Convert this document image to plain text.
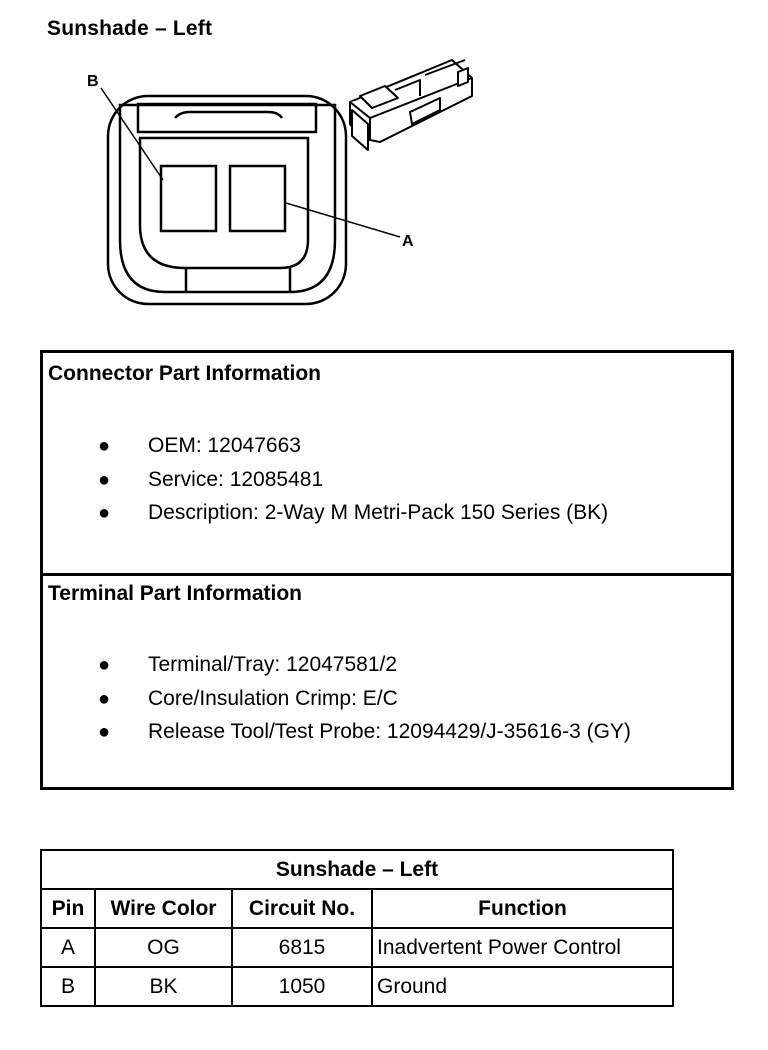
Sunshade – Left
B
A
Connector Part Information
● OEM: 12047663
● Service: 12085481
● Description: 2-Way M Metri-Pack 150 Series (BK)
Terminal Part Information
● Terminal/Tray: 12047581/2
● Core/Insulation Crimp: E/C
● Release Tool/Test Probe: 12094429/J-35616-3 (GY)
Sunshade – Left			
Pin	Wire Color	Circuit No.	Function
A	OG	6815	Inadvertent Power Control
B	BK	1050	Ground
